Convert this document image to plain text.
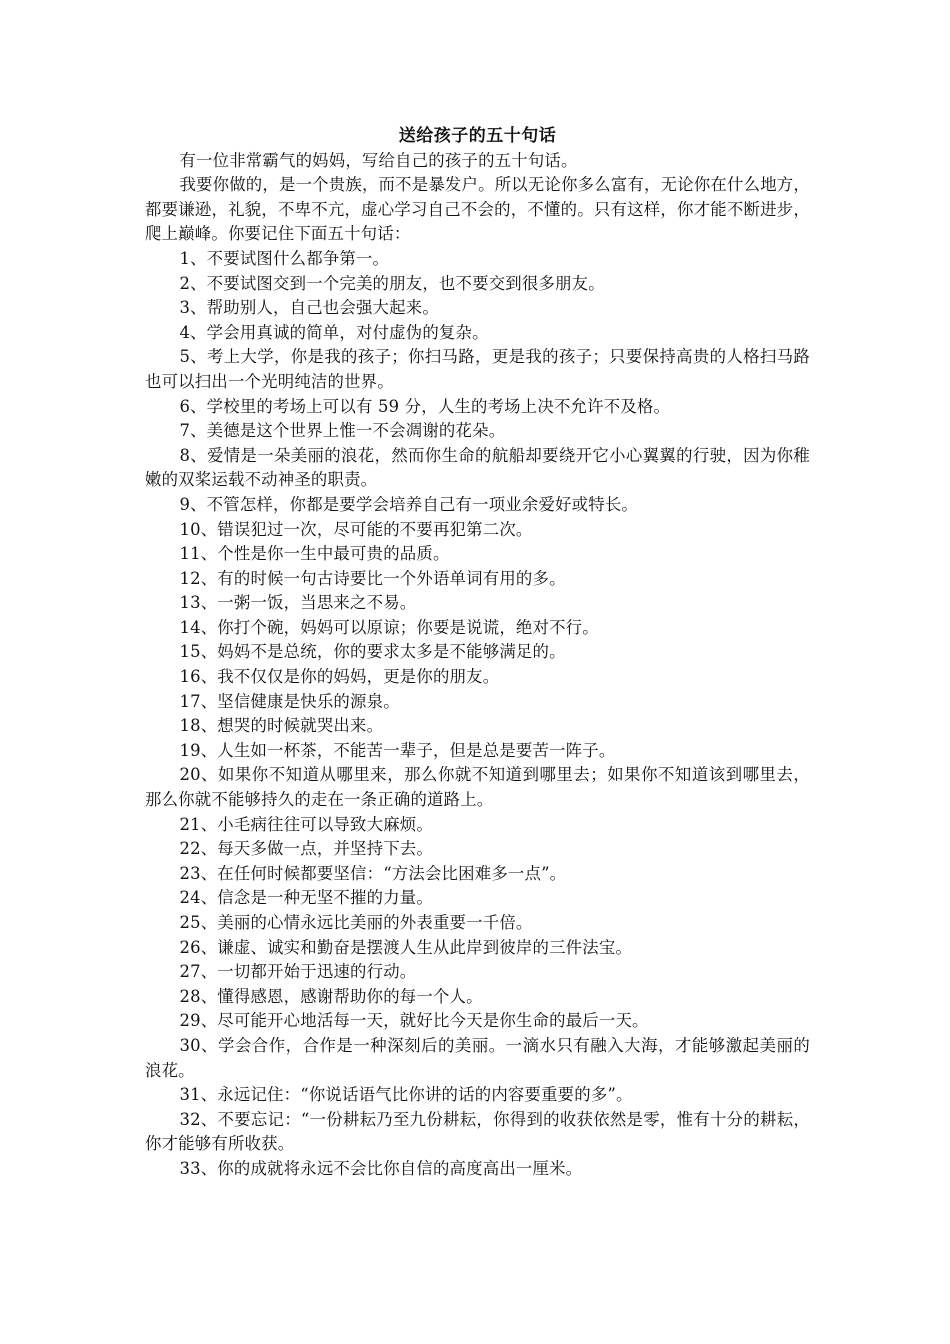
送给孩子的五十句话

有一位非常霸气的妈妈，写给自己的孩子的五十句话。

我要你做的，是一个贵族，而不是暴发户。所以无论你多么富有，无论你在什么地方，都要谦逊，礼貌，不卑不亢，虚心学习自己不会的，不懂的。只有这样，你才能不断进步，爬上巅峰。你要记住下面五十句话：

1、不要试图什么都争第一。

2、不要试图交到一个完美的朋友，也不要交到很多朋友。

3、帮助别人，自己也会强大起来。

4、学会用真诚的简单，对付虚伪的复杂。

5、考上大学，你是我的孩子；你扫马路，更是我的孩子；只要保持高贵的人格扫马路也可以扫出一个光明纯洁的世界。

6、学校里的考场上可以有 59 分，人生的考场上决不允许不及格。

7、美德是这个世界上惟一不会凋谢的花朵。

8、爱情是一朵美丽的浪花，然而你生命的航船却要绕开它小心翼翼的行驶，因为你稚嫩的双桨运载不动神圣的职责。

9、不管怎样，你都是要学会培养自己有一项业余爱好或特长。

10、错误犯过一次，尽可能的不要再犯第二次。

11、个性是你一生中最可贵的品质。

12、有的时候一句古诗要比一个外语单词有用的多。

13、一粥一饭，当思来之不易。

14、你打个碗，妈妈可以原谅；你要是说谎，绝对不行。

15、妈妈不是总统，你的要求太多是不能够满足的。

16、我不仅仅是你的妈妈，更是你的朋友。

17、坚信健康是快乐的源泉。

18、想哭的时候就哭出来。

19、人生如一杯茶，不能苦一辈子，但是总是要苦一阵子。

20、如果你不知道从哪里来，那么你就不知道到哪里去；如果你不知道该到哪里去，那么你就不能够持久的走在一条正确的道路上。

21、小毛病往往可以导致大麻烦。

22、每天多做一点，并坚持下去。

23、在任何时候都要坚信：“方法会比困难多一点”。

24、信念是一种无坚不摧的力量。

25、美丽的心情永远比美丽的外表重要一千倍。

26、谦虚、诚实和勤奋是摆渡人生从此岸到彼岸的三件法宝。

27、一切都开始于迅速的行动。

28、懂得感恩，感谢帮助你的每一个人。

29、尽可能开心地活每一天，就好比今天是你生命的最后一天。

30、学会合作，合作是一种深刻后的美丽。一滴水只有融入大海，才能够激起美丽的浪花。

31、永远记住：“你说话语气比你讲的话的内容要重要的多”。

32、不要忘记：“一份耕耘乃至九份耕耘，你得到的收获依然是零，惟有十分的耕耘，你才能够有所收获。

33、你的成就将永远不会比你自信的高度高出一厘米。
